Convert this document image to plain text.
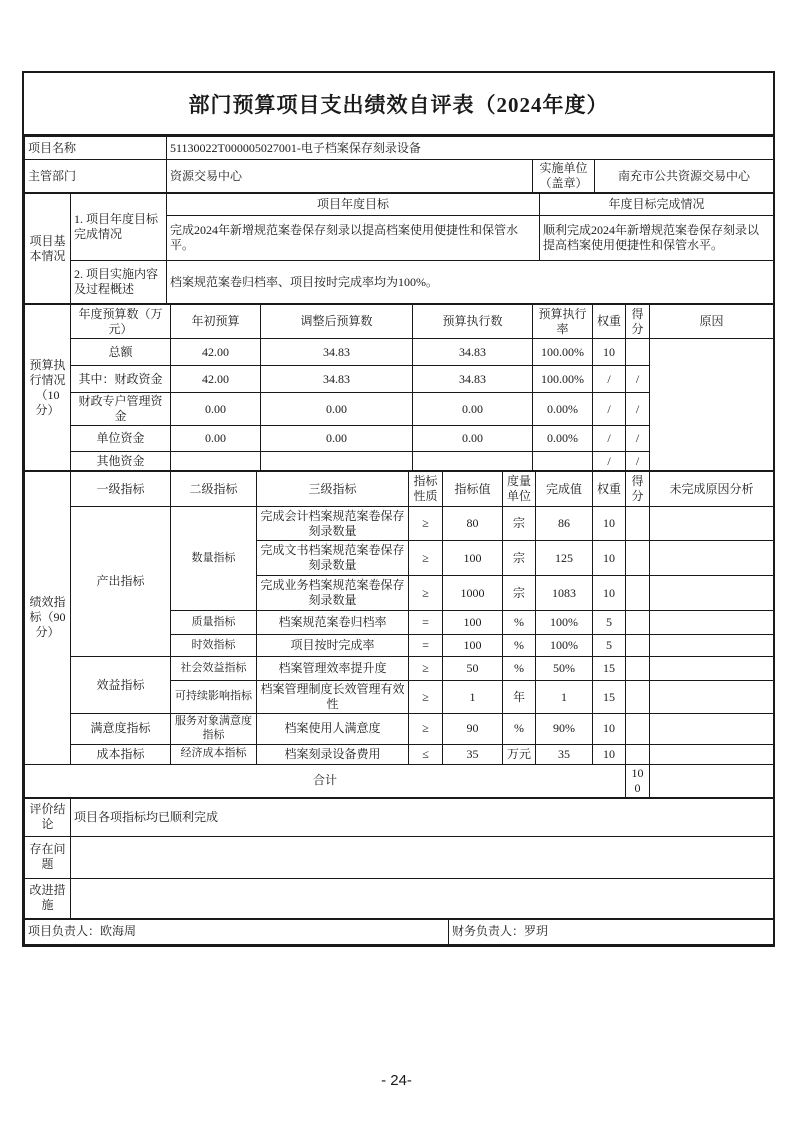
部门预算项目支出绩效自评表（2024年度）
项目名称	51130022T000005027001-电子档案保存刻录设备		
主管部门	资源交易中心	实施单位（盖章）	南充市公共资源交易中心
项目基本情况	1. 项目年度目标完成情况	项目年度目标	年度目标完成情况
		完成2024年新增规范案卷保存刻录以提高档案使用便捷性和保管水平。	顺利完成2024年新增规范案卷保存刻录以提高档案使用便捷性和保管水平。
	2. 项目实施内容及过程概述	档案规范案卷归档率、项目按时完成率均为100%。	
预算执行情况（10分）	年度预算数（万元）	年初预算	调整后预算数	预算执行数	预算执行率	权重	得分	原因
	总额	42.00	34.83	34.83	100.00%	10		
	其中：财政资金	42.00	34.83	34.83	100.00%	/	/	
	财政专户管理资金	0.00	0.00	0.00	0.00%	/	/	
	单位资金	0.00	0.00	0.00	0.00%	/	/	
	其他资金					/	/	
绩效指标（90分）	一级指标	二级指标	三级指标	指标性质	指标值	度量单位	完成值	权重	得分	未完成原因分析	
	产出指标	数量指标	完成会计档案规范案卷保存刻录数量	≥	80	宗	86	10			
			完成文书档案规范案卷保存刻录数量	≥	100	宗	125	10			
			完成业务档案规范案卷保存刻录数量	≥	1000	宗	1083	10			
		质量指标	档案规范案卷归档率	=	100	%	100%	5			
		时效指标	项目按时完成率	=	100	%	100%	5			
	效益指标	社会效益指标	档案管理效率提升度	≥	50	%	50%	15			
		可持续影响指标	档案管理制度长效管理有效性	≥	1	年	1	15			
	满意度指标	服务对象满意度指标	档案使用人满意度	≥	90	%	90%	10			
	成本指标	经济成本指标	档案刻录设备费用	≤	35	万元	35	10			
合计									100		
评价结论	项目各项指标均已顺利完成
存在问题	
改进措施	
项目负责人：欧海周	财务负责人：罗玥
- 24-
